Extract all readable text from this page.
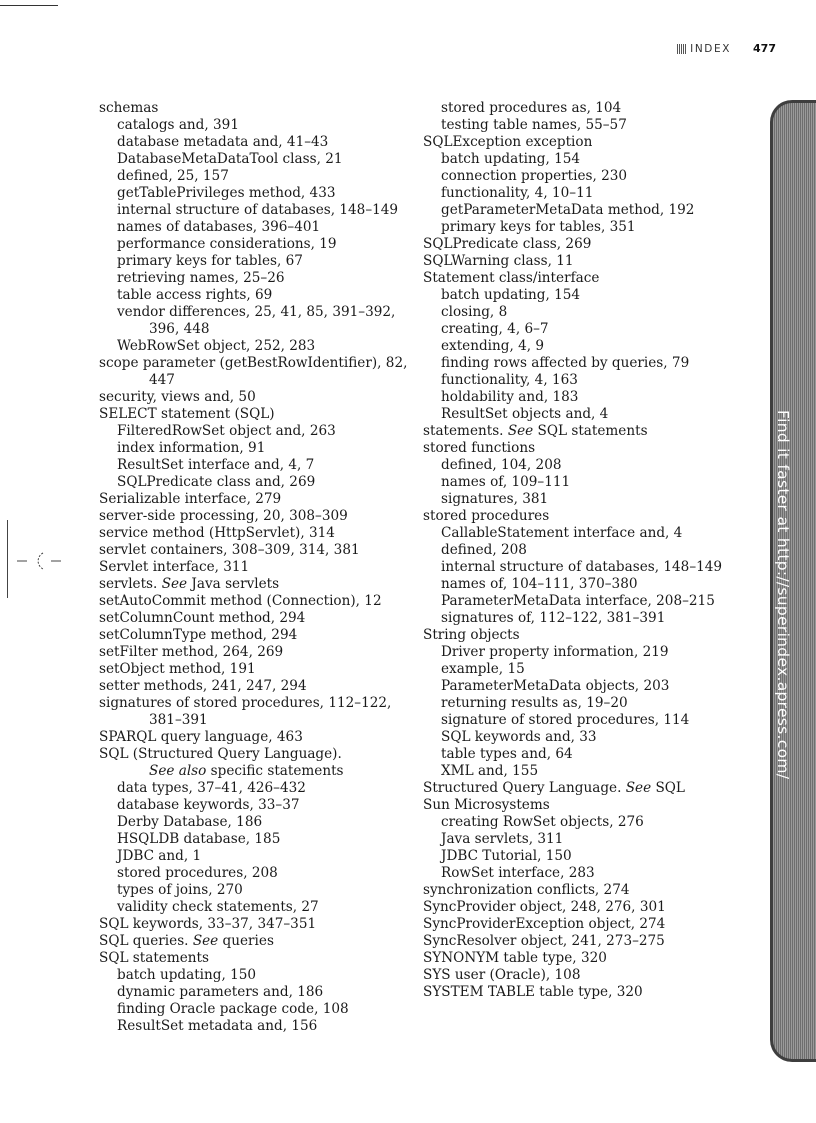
INDEX 477
schemas
catalogs and, 391
database metadata and, 41–43
DatabaseMetaDataTool class, 21
defined, 25, 157
getTablePrivileges method, 433
internal structure of databases, 148–149
names of databases, 396–401
performance considerations, 19
primary keys for tables, 67
retrieving names, 25–26
table access rights, 69
vendor differences, 25, 41, 85, 391–392,
396, 448
WebRowSet object, 252, 283
scope parameter (getBestRowIdentifier), 82,
447
security, views and, 50
SELECT statement (SQL)
FilteredRowSet object and, 263
index information, 91
ResultSet interface and, 4, 7
SQLPredicate class and, 269
Serializable interface, 279
server-side processing, 20, 308–309
service method (HttpServlet), 314
servlet containers, 308–309, 314, 381
Servlet interface, 311
servlets. See Java servlets
setAutoCommit method (Connection), 12
setColumnCount method, 294
setColumnType method, 294
setFilter method, 264, 269
setObject method, 191
setter methods, 241, 247, 294
signatures of stored procedures, 112–122,
381–391
SPARQL query language, 463
SQL (Structured Query Language).
See also specific statements
data types, 37–41, 426–432
database keywords, 33–37
Derby Database, 186
HSQLDB database, 185
JDBC and, 1
stored procedures, 208
types of joins, 270
validity check statements, 27
SQL keywords, 33–37, 347–351
SQL queries. See queries
SQL statements
batch updating, 150
dynamic parameters and, 186
finding Oracle package code, 108
ResultSet metadata and, 156
stored procedures as, 104
testing table names, 55–57
SQLException exception
batch updating, 154
connection properties, 230
functionality, 4, 10–11
getParameterMetaData method, 192
primary keys for tables, 351
SQLPredicate class, 269
SQLWarning class, 11
Statement class/interface
batch updating, 154
closing, 8
creating, 4, 6–7
extending, 4, 9
finding rows affected by queries, 79
functionality, 4, 163
holdability and, 183
ResultSet objects and, 4
statements. See SQL statements
stored functions
defined, 104, 208
names of, 109–111
signatures, 381
stored procedures
CallableStatement interface and, 4
defined, 208
internal structure of databases, 148–149
names of, 104–111, 370–380
ParameterMetaData interface, 208–215
signatures of, 112–122, 381–391
String objects
Driver property information, 219
example, 15
ParameterMetaData objects, 203
returning results as, 19–20
signature of stored procedures, 114
SQL keywords and, 33
table types and, 64
XML and, 155
Structured Query Language. See SQL
Sun Microsystems
creating RowSet objects, 276
Java servlets, 311
JDBC Tutorial, 150
RowSet interface, 283
synchronization conflicts, 274
SyncProvider object, 248, 276, 301
SyncProviderException object, 274
SyncResolver object, 241, 273–275
SYNONYM table type, 320
SYS user (Oracle), 108
SYSTEM TABLE table type, 320
Find it faster at http://superindex.apress.com/
